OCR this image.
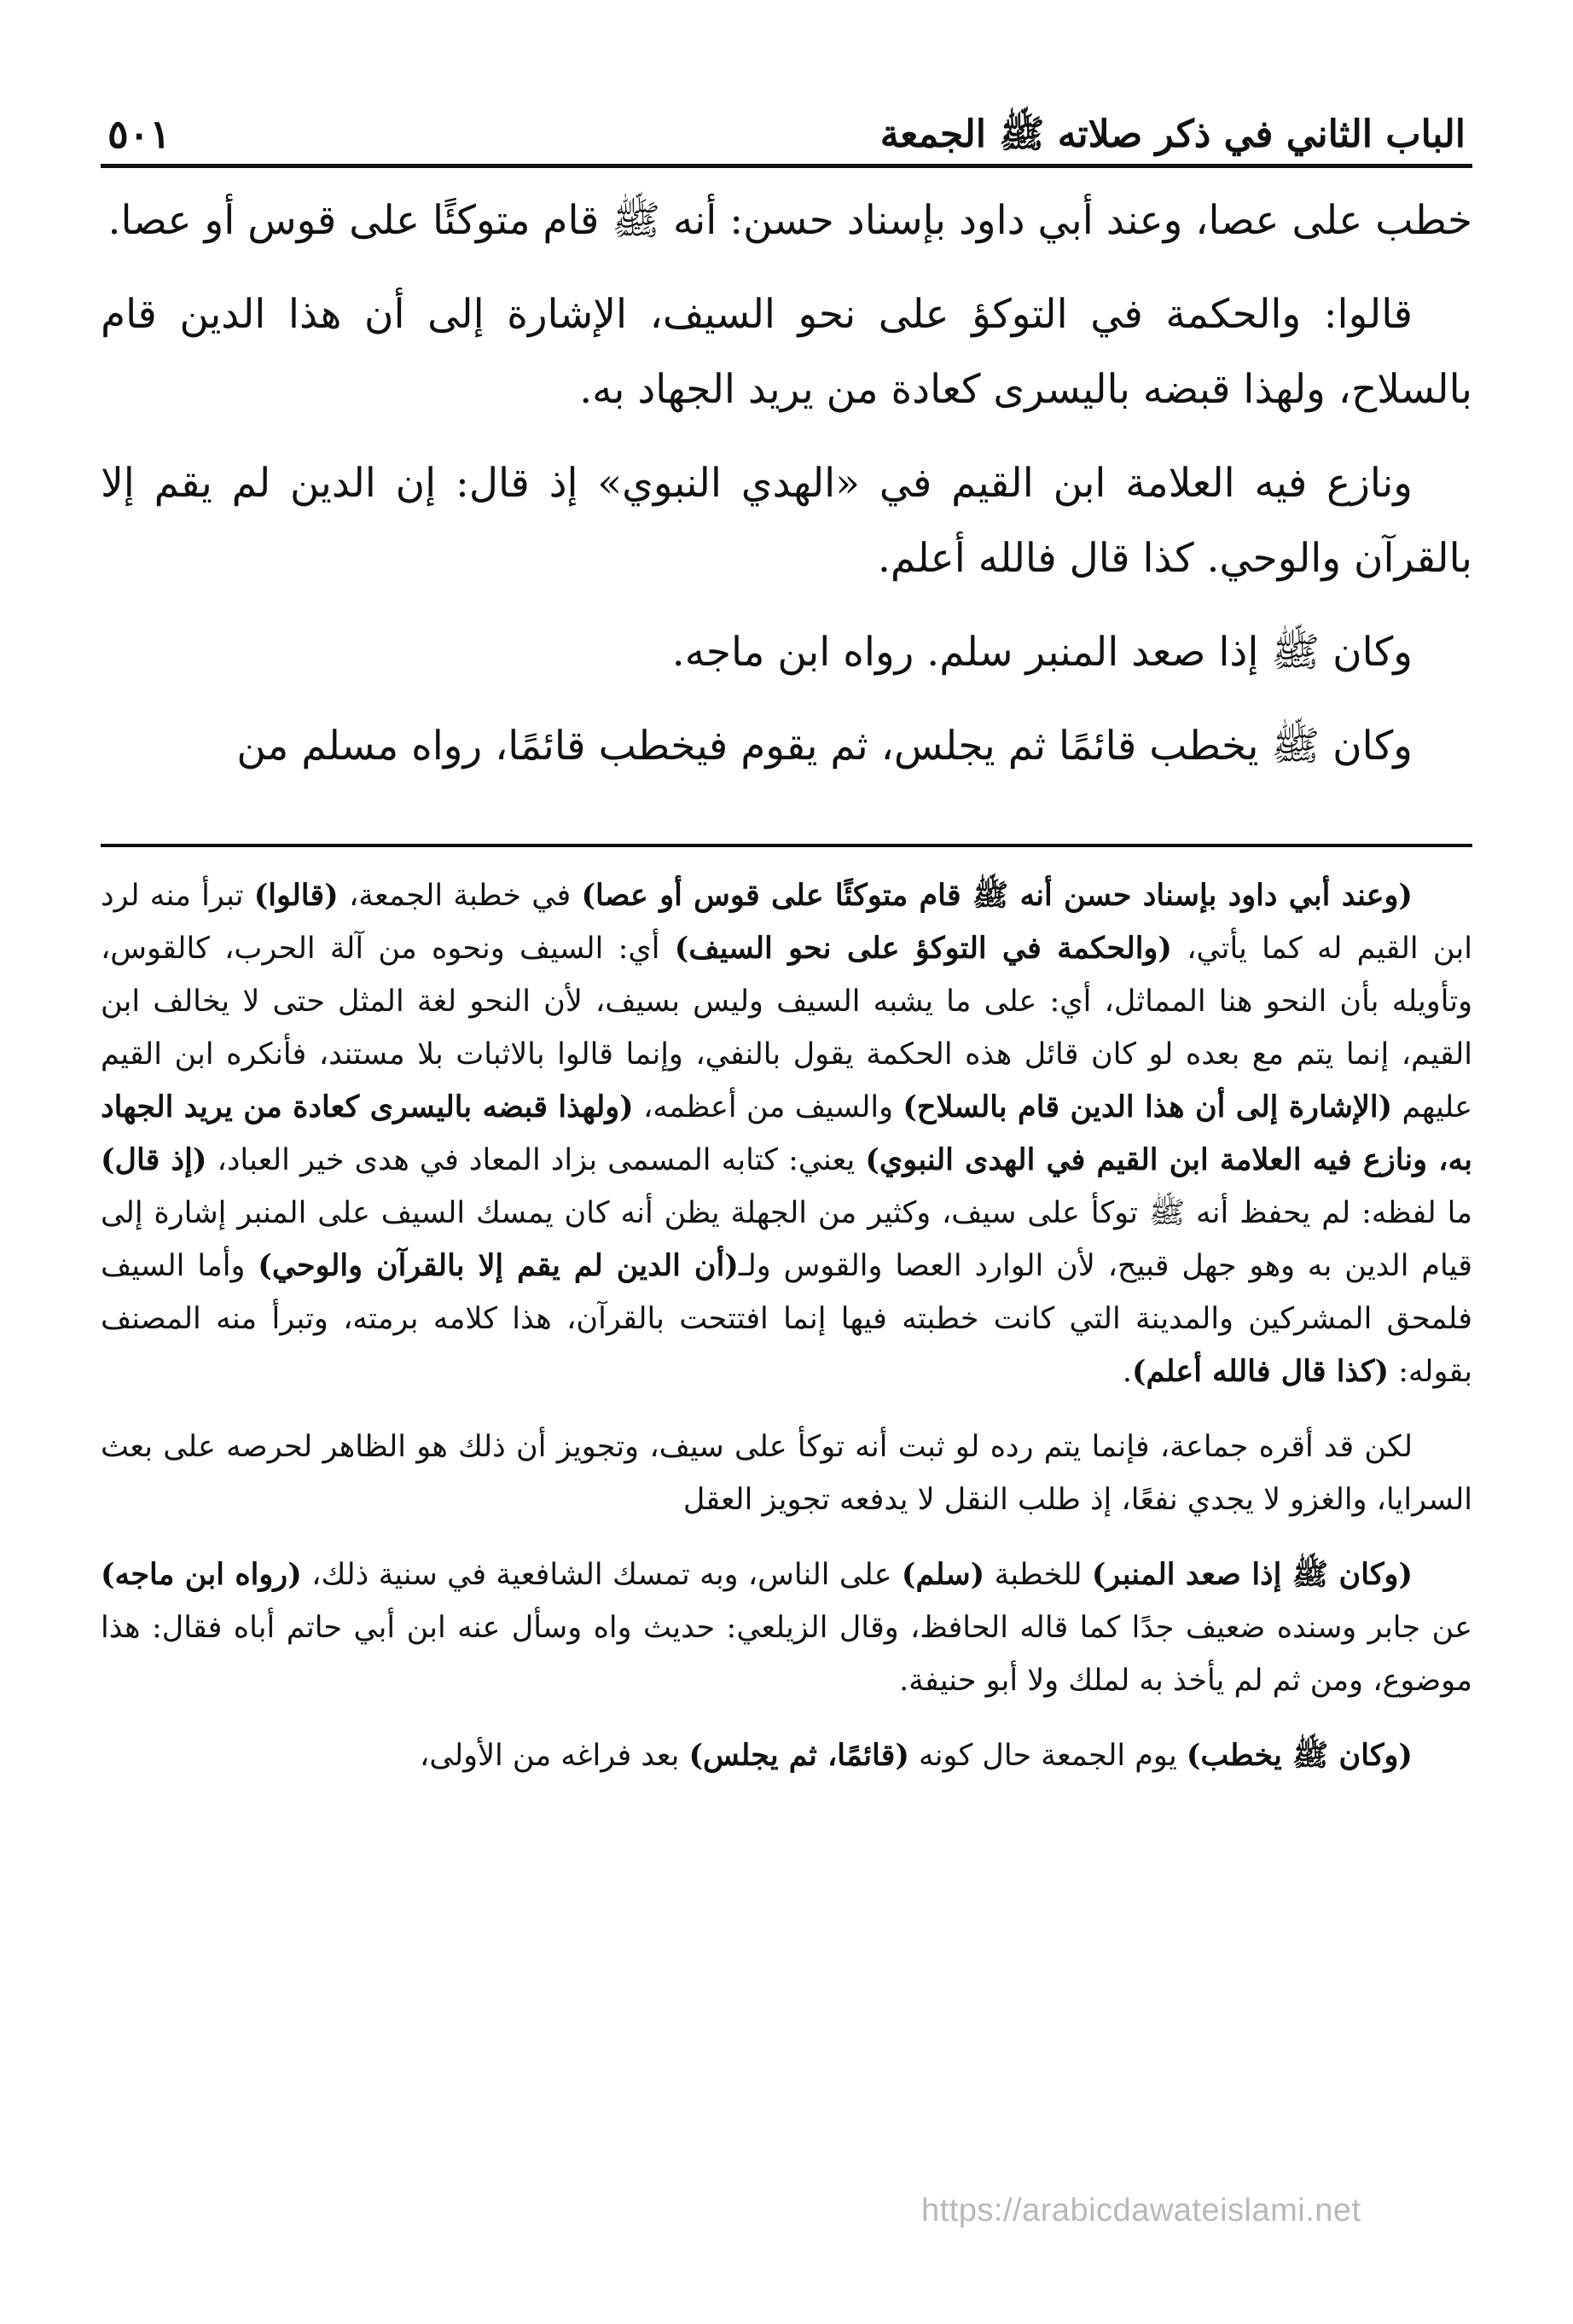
الباب الثاني في ذكر صلاته ﷺ الجمعة
٥٠١

خطب على عصا، وعند أبي داود بإسناد حسن: أنه ﷺ قام متوكئًا على قوس أو عصا.

قالوا: والحكمة في التوكؤ على نحو السيف، الإشارة إلى أن هذا الدين قام بالسلاح، ولهذا قبضه باليسرى كعادة من يريد الجهاد به.

ونازع فيه العلامة ابن القيم في «الهدي النبوي» إذ قال: إن الدين لم يقم إلا بالقرآن والوحي. كذا قال فالله أعلم.

وكان ﷺ إذا صعد المنبر سلم. رواه ابن ماجه.

وكان ﷺ يخطب قائمًا ثم يجلس، ثم يقوم فيخطب قائمًا، رواه مسلم من

(وعند أبي داود بإسناد حسن أنه ﷺ قام متوكئًا على قوس أو عصا) في خطبة الجمعة، (قالوا) تبرأ منه لرد ابن القيم له كما يأتي، (والحكمة في التوكؤ على نحو السيف) أي: السيف ونحوه من آلة الحرب، كالقوس، وتأويله بأن النحو هنا المماثل، أي: على ما يشبه السيف وليس بسيف، لأن النحو لغة المثل حتى لا يخالف ابن القيم، إنما يتم مع بعده لو كان قائل هذه الحكمة يقول بالنفي، وإنما قالوا بالاثبات بلا مستند، فأنكره ابن القيم عليهم (الإشارة إلى أن هذا الدين قام بالسلاح) والسيف من أعظمه، (ولهذا قبضه باليسرى كعادة من يريد الجهاد به، ونازع فيه العلامة ابن القيم في الهدى النبوي) يعني: كتابه المسمى بزاد المعاد في هدى خير العباد، (إذ قال) ما لفظه: لم يحفظ أنه ﷺ توكأ على سيف، وكثير من الجهلة يظن أنه كان يمسك السيف على المنبر إشارة إلى قيام الدين به وهو جهل قبيح، لأن الوارد العصا والقوس ولـ(أن الدين لم يقم إلا بالقرآن والوحي) وأما السيف فلمحق المشركين والمدينة التي كانت خطبته فيها إنما افتتحت بالقرآن، هذا كلامه برمته، وتبرأ منه المصنف بقوله: (كذا قال فالله أعلم).

لكن قد أقره جماعة، فإنما يتم رده لو ثبت أنه توكأ على سيف، وتجويز أن ذلك هو الظاهر لحرصه على بعث السرايا، والغزو لا يجدي نفعًا، إذ طلب النقل لا يدفعه تجويز العقل

(وكان ﷺ إذا صعد المنبر) للخطبة (سلم) على الناس، وبه تمسك الشافعية في سنية ذلك، (رواه ابن ماجه) عن جابر وسنده ضعيف جدًا كما قاله الحافظ، وقال الزيلعي: حديث واه وسأل عنه ابن أبي حاتم أباه فقال: هذا موضوع، ومن ثم لم يأخذ به لملك ولا أبو حنيفة.

(وكان ﷺ يخطب) يوم الجمعة حال كونه (قائمًا، ثم يجلس) بعد فراغه من الأولى،

https://arabicdawateislami.net
